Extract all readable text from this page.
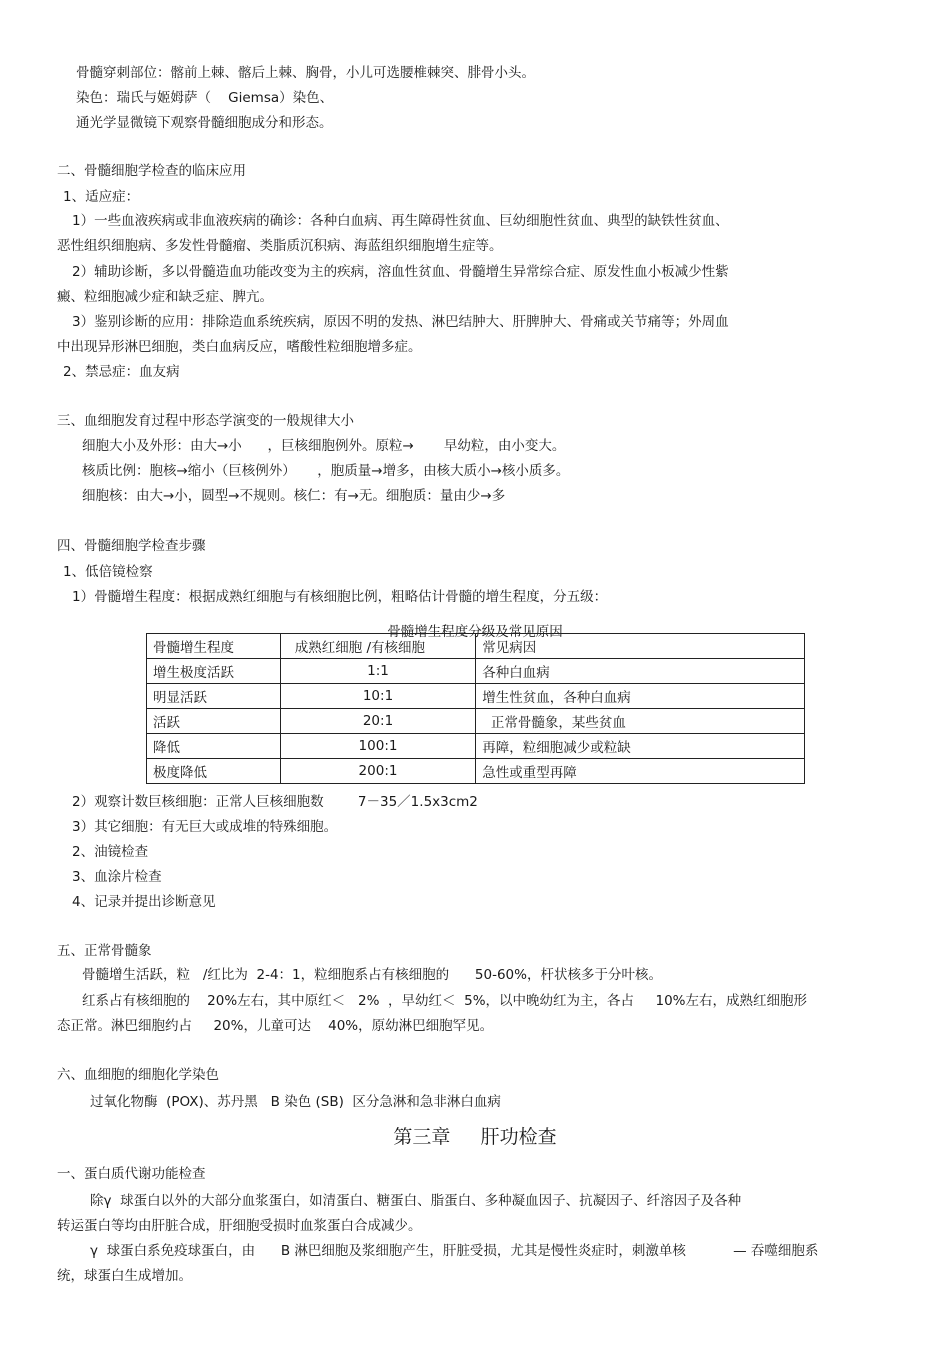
骨髓穿刺部位：髂前上棘、髂后上棘、胸骨，小儿可选腰椎棘突、腓骨小头。

染色：瑞氏与姬姆萨（    Giemsa）染色、

通光学显微镜下观察骨髓细胞成分和形态。

二、骨髓细胞学检查的临床应用

1、适应症：

1）一些血液疾病或非血液疾病的确诊：各种白血病、再生障碍性贫血、巨幼细胞性贫血、典型的缺铁性贫血、

恶性组织细胞病、多发性骨髓瘤、类脂质沉积病、海蓝组织细胞增生症等。

2）辅助诊断，多以骨髓造血功能改变为主的疾病，溶血性贫血、骨髓增生异常综合症、原发性血小板减少性紫

癜、粒细胞减少症和缺乏症、脾亢。

3）鉴别诊断的应用：排除造血系统疾病，原因不明的发热、淋巴结肿大、肝脾肿大、骨痛或关节痛等；外周血

中出现异形淋巴细胞，类白血病反应，嗜酸性粒细胞增多症。

2、禁忌症：血友病

三、血细胞发育过程中形态学演变的一般规律大小

细胞大小及外形：由大→小      ，巨核细胞例外。原粒→       早幼粒，由小变大。

核质比例：胞核→缩小（巨核例外）     ，胞质量→增多，由核大质小→核小质多。

细胞核：由大→小，圆型→不规则。核仁：有→无。细胞质：量由少→多

四、骨髓细胞学检查步骤

1、低倍镜检察

1）骨髓增生程度：根据成熟红细胞与有核细胞比例，粗略估计骨髓的增生程度，分五级：

骨髓增生程度分级及常见原因

骨髓增生程度	成熟红细胞 /有核细胞	常见病因
增生极度活跃	1:1	各种白血病
明显活跃	10:1	增生性贫血，各种白血病
活跃	20:1	正常骨髓象，某些贫血
降低	100:1	再障，粒细胞减少或粒缺
极度降低	200:1	急性或重型再障

2）观察计数巨核细胞：正常人巨核细胞数        7－35／1.5x3cm2

3）其它细胞：有无巨大或成堆的特殊细胞。

2、油镜检查

3、血涂片检查

4、记录并提出诊断意见

五、正常骨髓象

骨髓增生活跃，粒   /红比为  2-4：1，粒细胞系占有核细胞的      50-60%，杆状核多于分叶核。

红系占有核细胞的    20%左右，其中原红＜   2%  ，早幼红＜  5%，以中晚幼红为主，各占     10%左右，成熟红细胞形

态正常。淋巴细胞约占     20%，儿童可达    40%，原幼淋巴细胞罕见。

六、血细胞的细胞化学染色

过氧化物酶  (POX)、苏丹黑   B 染色 (SB)  区分急淋和急非淋白血病

第三章     肝功检查

一、蛋白质代谢功能检查

除γ  球蛋白以外的大部分血浆蛋白，如清蛋白、糖蛋白、脂蛋白、多种凝血因子、抗凝因子、纤溶因子及各种

转运蛋白等均由肝脏合成，肝细胞受损时血浆蛋白合成减少。

γ  球蛋白系免疫球蛋白，由      B 淋巴细胞及浆细胞产生，肝脏受损，尤其是慢性炎症时，刺激单核           — 吞噬细胞系

统，球蛋白生成增加。
